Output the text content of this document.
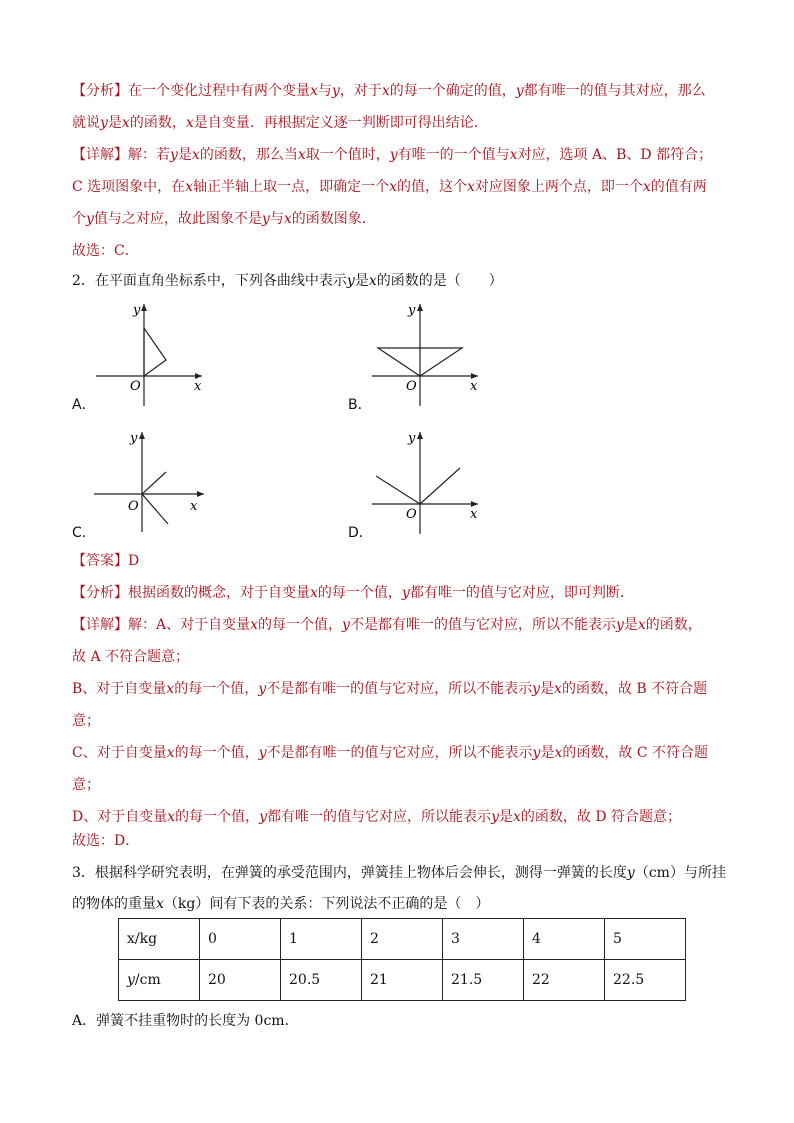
【分析】在一个变化过程中有两个变量x与y，对于x的每一个确定的值，y都有唯一的值与其对应，那么
就说y是x的函数，x是自变量．再根据定义逐一判断即可得出结论．
【详解】解：若y是x的函数，那么当x取一个值时，y有唯一的一个值与x对应，选项 A、B、D 都符合；
C 选项图象中，在x轴正半轴上取一点，即确定一个x的值，这个x对应图象上两个点，即一个x的值有两
个y值与之对应，故此图象不是y与x的函数图象．
故选：C．
2．在平面直角坐标系中，下列各曲线中表示y是x的函数的是（　　）
y
x
O
A．
y
x
O
B．
y
x
O
C．
y
x
O
D．
【答案】D
【分析】根据函数的概念，对于自变量x的每一个值，y都有唯一的值与它对应，即可判断．
【详解】解：A、对于自变量x的每一个值，y不是都有唯一的值与它对应，所以不能表示y是x的函数，
故 A 不符合题意；
B、对于自变量x的每一个值，y不是都有唯一的值与它对应，所以不能表示y是x的函数，故 B 不符合题
意；
C、对于自变量x的每一个值，y不是都有唯一的值与它对应，所以不能表示y是x的函数，故 C 不符合题
意；
D、对于自变量x的每一个值，y都有唯一的值与它对应，所以能表示y是x的函数，故 D 符合题意；
故选：D．
3．根据科学研究表明，在弹簧的承受范围内，弹簧挂上物体后会伸长，测得一弹簧的长度y（cm）与所挂
的物体的重量x（kg）间有下表的关系：下列说法不正确的是（　）
x/kg	0	1	2	3	4	5
y/cm	20	20.5	21	21.5	22	22.5
A．弹簧不挂重物时的长度为 0cm．
